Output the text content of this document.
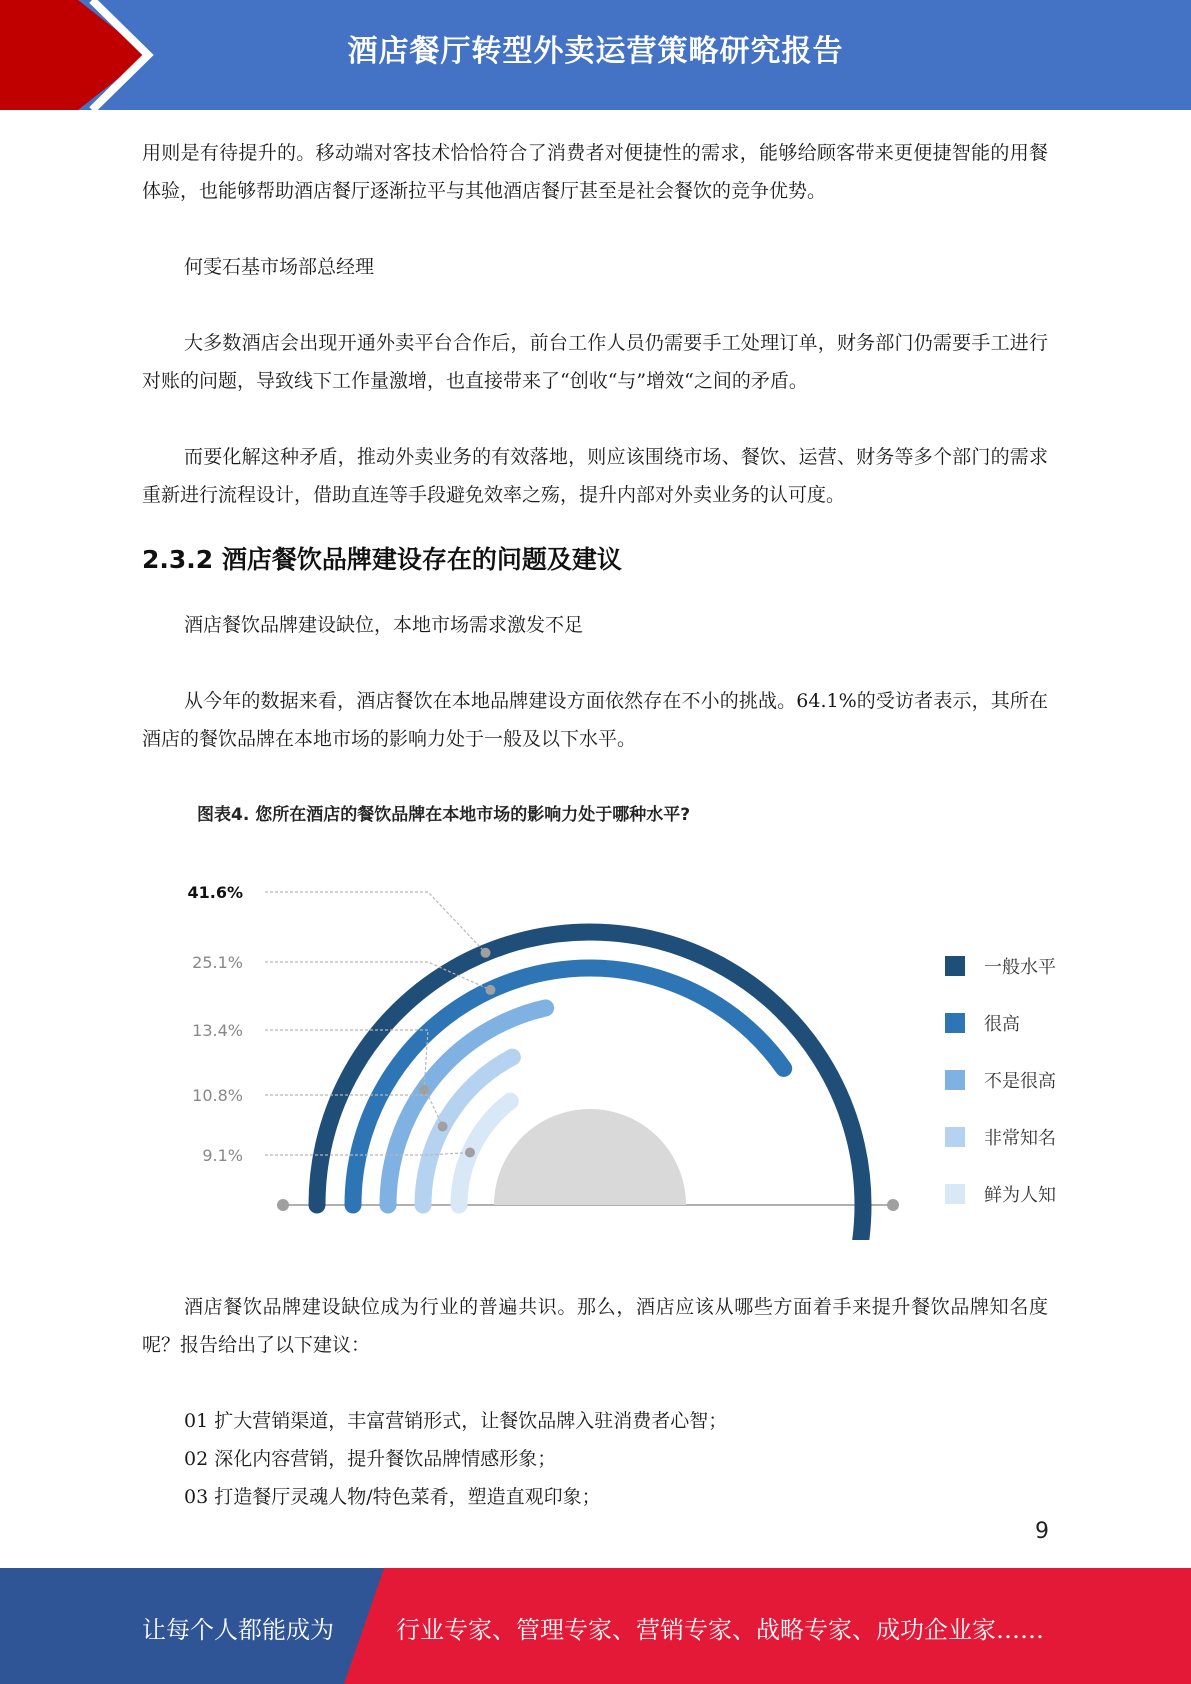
酒店餐厅转型外卖运营策略研究报告

用则是有待提升的。移动端对客技术恰恰符合了消费者对便捷性的需求，能够给顾客带来更便捷智能的用餐体验，也能够帮助酒店餐厅逐渐拉平与其他酒店餐厅甚至是社会餐饮的竞争优势。

何雯石基市场部总经理

大多数酒店会出现开通外卖平台合作后，前台工作人员仍需要手工处理订单，财务部门仍需要手工进行对账的问题，导致线下工作量激增，也直接带来了“创收“与”增效“之间的矛盾。

而要化解这种矛盾，推动外卖业务的有效落地，则应该围绕市场、餐饮、运营、财务等多个部门的需求重新进行流程设计，借助直连等手段避免效率之殇，提升内部对外卖业务的认可度。

2.3.2 酒店餐饮品牌建设存在的问题及建议

酒店餐饮品牌建设缺位，本地市场需求激发不足

从今年的数据来看，酒店餐饮在本地品牌建设方面依然存在不小的挑战。64.1%的受访者表示，其所在酒店的餐饮品牌在本地市场的影响力处于一般及以下水平。

图表4. 您所在酒店的餐饮品牌在本地市场的影响力处于哪种水平?
41.6%
一般水平
25.1%
很高
13.4%
不是很高
10.8%
非常知名
9.1%
鲜为人知

酒店餐饮品牌建设缺位成为行业的普遍共识。那么，酒店应该从哪些方面着手来提升餐饮品牌知名度呢？报告给出了以下建议：

01 扩大营销渠道，丰富营销形式，让餐饮品牌入驻消费者心智；

02 深化内容营销，提升餐饮品牌情感形象；

03 打造餐厅灵魂人物/特色菜肴，塑造直观印象；

9
让每个人都能成为	行业专家、管理专家、营销专家、战略专家、成功企业家……
